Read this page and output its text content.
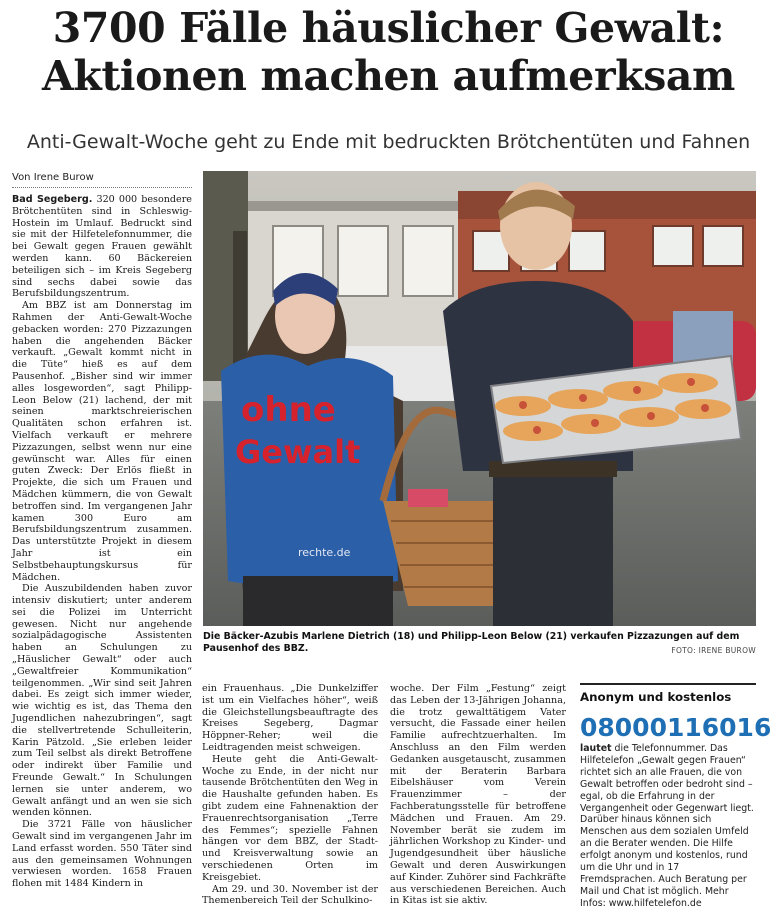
3700 Fälle häuslicher Gewalt:
Aktionen machen aufmerksam
Anti-Gewalt-Woche geht zu Ende mit bedruckten Brötchentüten und Fahnen
Von Irene Burow

Bad Segeberg. 320 000 besondere Brötchentüten sind in Schleswig-Hostein im Umlauf. Bedruckt sind sie mit der Hilfetelefonnummer, die bei Gewalt gegen Frauen gewählt werden kann. 60 Bäckereien beteiligen sich – im Kreis Segeberg sind sechs dabei sowie das Berufsbildungszentrum.

Am BBZ ist am Donnerstag im Rahmen der Anti-Gewalt-Woche gebacken worden: 270 Pizzazungen haben die angehenden Bäcker verkauft. „Gewalt kommt nicht in die Tüte“ hieß es auf dem Pausenhof. „Bisher sind wir immer alles losgeworden“, sagt Philipp-Leon Below (21) lachend, der mit seinen marktschreierischen Qualitäten schon erfahren ist. Vielfach verkauft er mehrere Pizzazungen, selbst wenn nur eine gewünscht war. Alles für einen guten Zweck: Der Erlös fließt in Projekte, die sich um Frauen und Mädchen kümmern, die von Gewalt betroffen sind. Im vergangenen Jahr kamen 300 Euro am Berufsbildungszentrum zusammen. Das unterstützte Projekt in diesem Jahr ist ein Selbstbehauptungskursus für Mädchen.

Die Auszubildenden haben zuvor intensiv diskutiert; unter anderem sei die Polizei im Unterricht gewesen. Nicht nur angehende sozialpädagogische Assistenten haben an Schulungen zu „Häuslicher Gewalt“ oder auch „Gewaltfreier Kommunikation“ teilgenommen. „Wir sind seit Jahren dabei. Es zeigt sich immer wieder, wie wichtig es ist, das Thema den Jugendlichen nahezubringen“, sagt die stellvertretende Schulleiterin, Karin Pätzold. „Sie erleben leider zum Teil selbst als direkt Betroffene oder indirekt über Familie und Freunde Gewalt.“ In Schulungen lernen sie unter anderem, wo Gewalt anfängt und an wen sie sich wenden können.

Die 3721 Fälle von häuslicher Gewalt sind im vergangenen Jahr im Land erfasst worden. 550 Täter sind aus den gemeinsamen Wohnungen verwiesen worden. 1658 Frauen flohen mit 1484 Kindern in

ohne
Gewalt
rechte.de
Die Bäcker-Azubis Marlene Dietrich (18) und Philipp-Leon Below (21) verkaufen Pizzazungen auf dem Pausenhof des BBZ.	FOTO: IRENE BUROW

ein Frauenhaus. „Die Dunkelziffer ist um ein Vielfaches höher“, weiß die Gleichstellungsbeauftragte des Kreises Segeberg, Dagmar Höppner-Reher; weil die Leidtragenden meist schweigen.

Heute geht die Anti-Gewalt-Woche zu Ende, in der nicht nur tausende Brötchentüten den Weg in die Haushalte gefunden haben. Es gibt zudem eine Fahnenaktion der Frauenrechtsorganisation „Terre des Femmes“; spezielle Fahnen hängen vor dem BBZ, der Stadt- und Kreisverwaltung sowie an verschiedenen Orten im Kreisgebiet.

Am 29. und 30. November ist der Themenbereich Teil der Schulkino-

woche. Der Film „Festung“ zeigt das Leben der 13-Jährigen Johanna, die trotz gewalttätigem Vater versucht, die Fassade einer heilen Familie aufrechtzuerhalten. Im Anschluss an den Film werden Gedanken ausgetauscht, zusammen mit der Beraterin Barbara Eibelshäuser vom Verein Frauenzimmer – der Fachberatungsstelle für betroffene Mädchen und Frauen. Am 29. November berät sie zudem im jährlichen Workshop zu Kinder- und Jugendgesundheit über häusliche Gewalt und deren Auswirkungen auf Kinder. Zuhörer sind Fachkräfte aus verschiedenen Bereichen. Auch in Kitas ist sie aktiv.

Anonym und kostenlos
08000116016
lautet die Telefonnummer. Das Hilfetelefon „Gewalt gegen Frauen“ richtet sich an alle Frauen, die von Gewalt betroffen oder bedroht sind – egal, ob die Erfahrung in der Vergangenheit oder Gegenwart liegt. Darüber hinaus können sich Menschen aus dem sozialen Umfeld an die Berater wenden. Die Hilfe erfolgt anonym und kostenlos, rund um die Uhr und in 17 Fremdsprachen. Auch Beratung per Mail und Chat ist möglich. Mehr Infos: www.hilfetelefon.de
